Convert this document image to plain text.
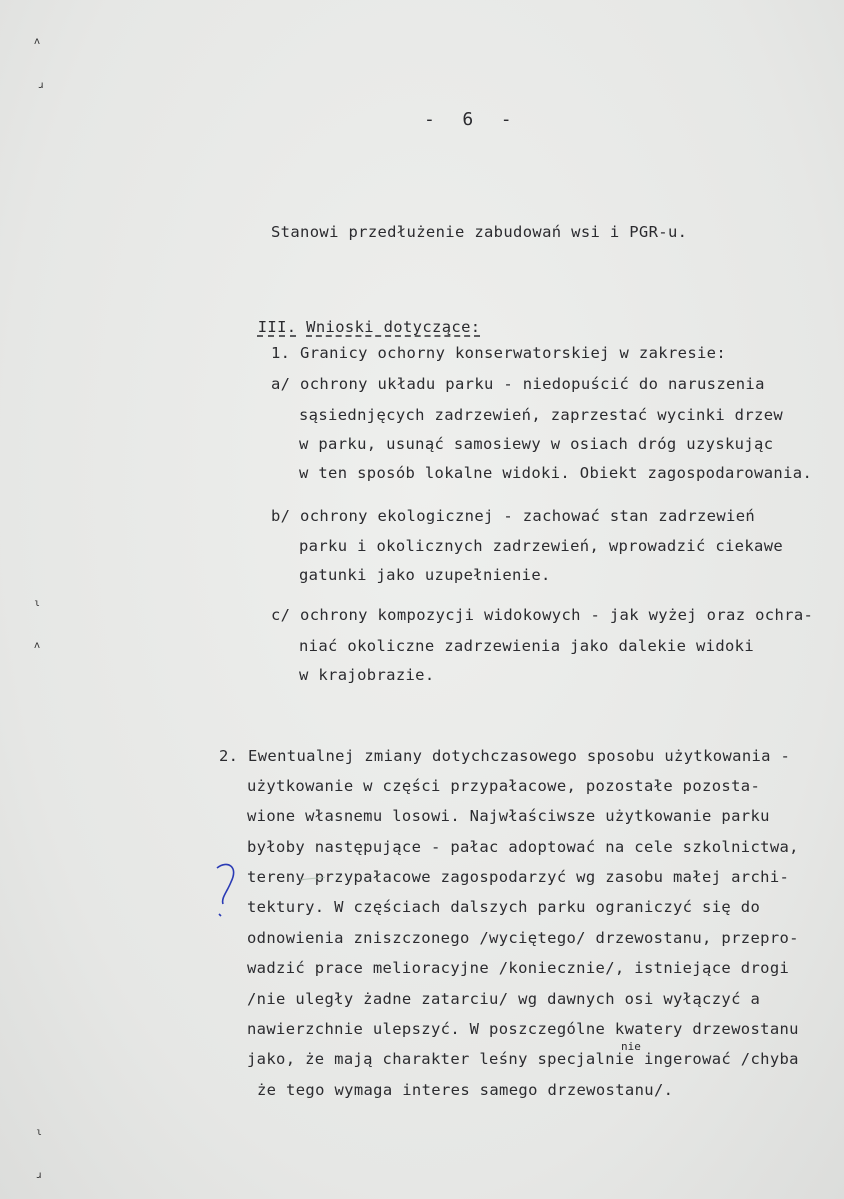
ʌ
ɹ
ɩ
ʌ
ɩ
ɹ
- 6 -
Stanowi przedłużenie zabudowań wsi i PGR-u.

III. Wnioski dotyczące:

1. Granicy ochorny konserwatorskiej w zakresie:
a/ ochrony układu parku - niedopuścić do naruszenia
sąsiednjęcych zadrzewień, zaprzestać wycinki drzew
w parku, usunąć samosiewy w osiach dróg uzyskując
w ten sposób lokalne widoki. Obiekt zagospodarowania.
b/ ochrony ekologicznej - zachować stan zadrzewień
parku i okolicznych zadrzewień, wprowadzić ciekawe
gatunki jako uzupełnienie.
c/ ochrony kompozycji widokowych - jak wyżej oraz ochra-
niać okoliczne zadrzewienia jako dalekie widoki
w krajobrazie.
2. Ewentualnej zmiany dotychczasowego sposobu użytkowania -
użytkowanie w części przypałacowe, pozostałe pozosta-
wione własnemu losowi. Najwłaściwsze użytkowanie parku
byłoby następujące - pałac adoptować na cele szkolnictwa,
tereny przypałacowe zagospodarzyć wg zasobu małej archi-
tektury. W częściach dalszych parku ograniczyć się do
odnowienia zniszczonego /wyciętego/ drzewostanu, przepro-
wadzić prace melioracyjne /koniecznie/, istniejące drogi
/nie uległy żadne zatarciu/ wg dawnych osi wyłączyć a
nawierzchnie ulepszyć. W poszczególne kwatery drzewostanu
jako, że mają charakter leśny specjalnie ingerować /chyba
że tego wymaga interes samego drzewostanu/.
nie
